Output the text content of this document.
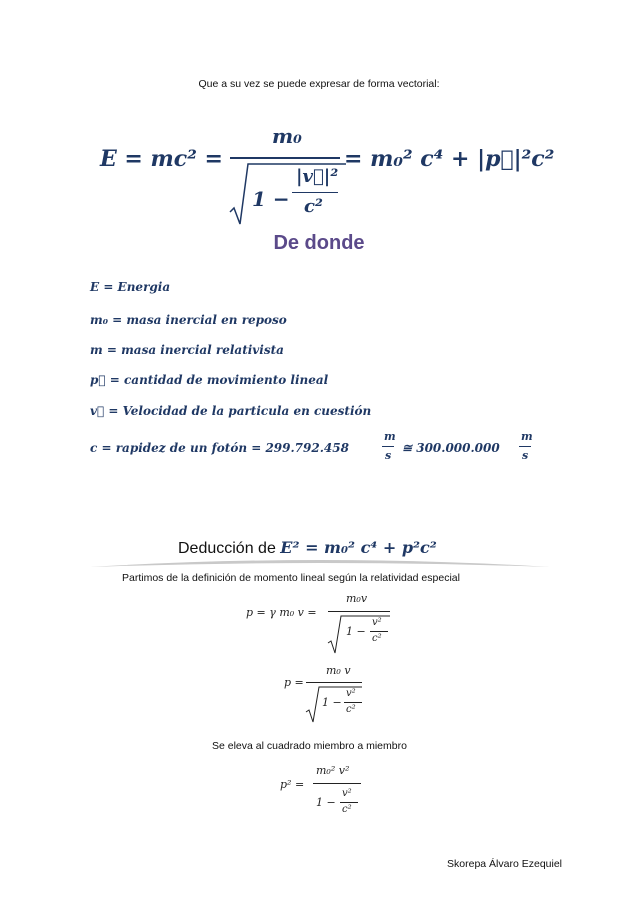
Que a su vez se puede expresar de forma vectorial:
E = mc² =
m₀
1 −
|v⃗|²
c²
= m₀² c⁴ + |p⃗|²c²
De donde
E = Energia
m₀ = masa inercial en reposo
m = masa inercial relativista
p⃗ = cantidad de movimiento lineal
v⃗ = Velocidad de la particula en cuestión
c = rapidez de un fotón = 299.792.458
m
s
≅ 300.000.000
m
s
Deducción de E² = m₀² c⁴ + p²c²
Partimos de la definición de momento lineal según la relatividad especial
p = γ m₀ v =
m₀v
1 −
v²
c²
p =
m₀ v
1 −
v²
c²
Se eleva al cuadrado miembro a miembro
p² =
m₀² v²
1 −
v²
c²
Skorepa Álvaro Ezequiel
